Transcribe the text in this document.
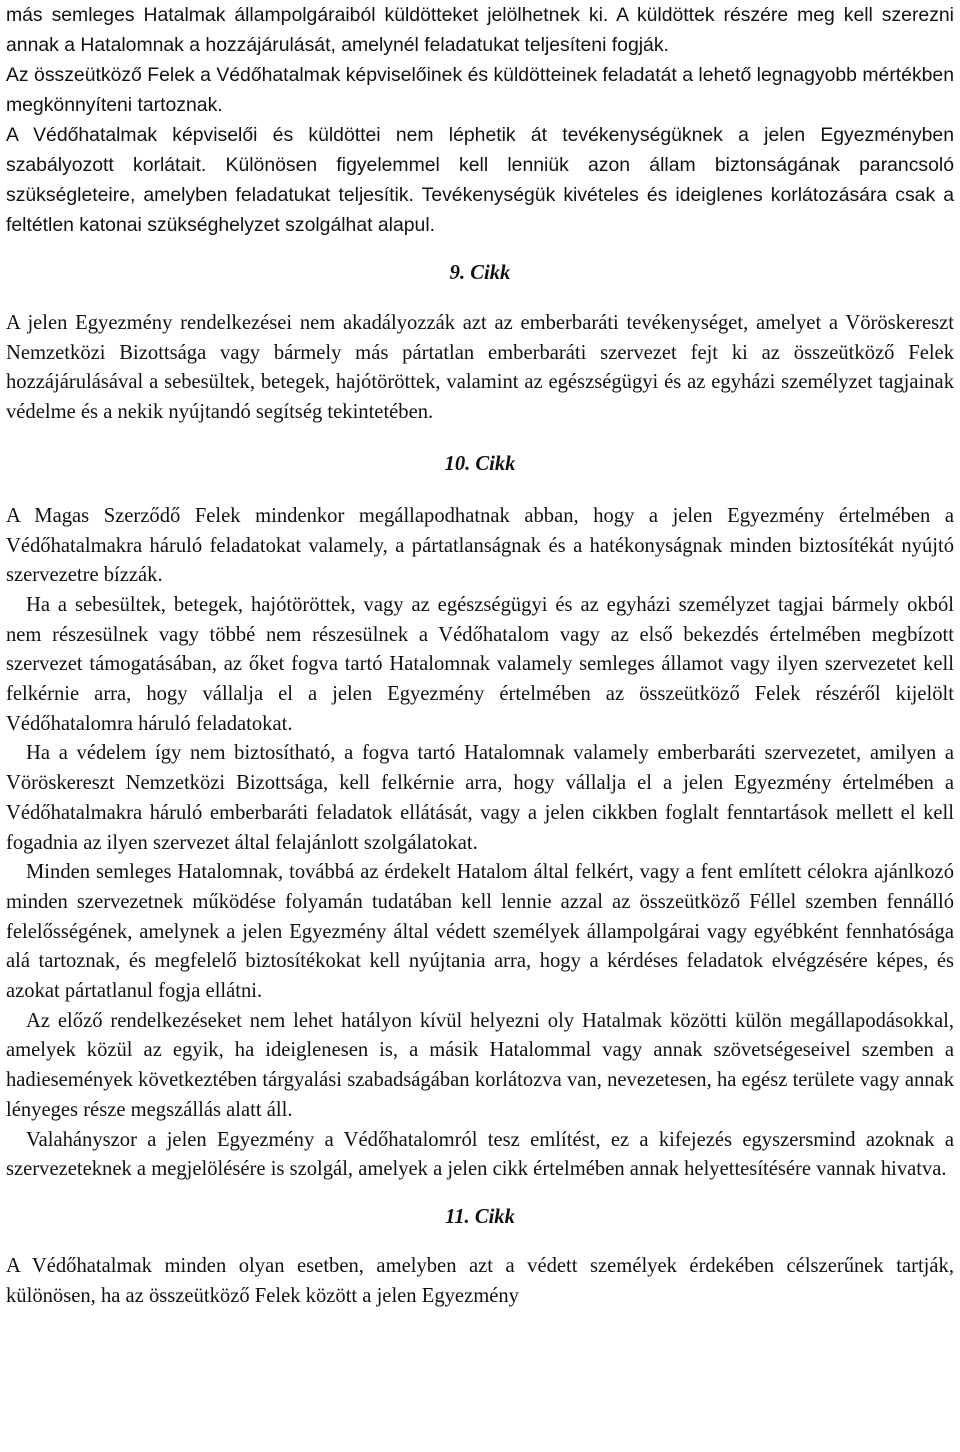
más semleges Hatalmak állampolgáraiból küldötteket jelölhetnek ki. A küldöttek részére meg kell szerezni annak a Hatalomnak a hozzájárulását, amelynél feladatukat teljesíteni fogják.

Az összeütköző Felek a Védőhatalmak képviselőinek és küldötteinek feladatát a lehető legnagyobb mértékben megkönnyíteni tartoznak.

A Védőhatalmak képviselői és küldöttei nem léphetik át tevékenységüknek a jelen Egyezményben szabályozott korlátait. Különösen figyelemmel kell lenniük azon állam biztonságának parancsoló szükségleteire, amelyben feladatukat teljesítik. Tevékenységük kivételes és ideiglenes korlátozására csak a feltétlen katonai szükséghelyzet szolgálhat alapul.

9. Cikk

A jelen Egyezmény rendelkezései nem akadályozzák azt az emberbaráti tevékenységet, amelyet a Vöröskereszt Nemzetközi Bizottsága vagy bármely más pártatlan emberbaráti szervezet fejt ki az összeütköző Felek hozzájárulásával a sebesültek, betegek, hajótöröttek, valamint az egészségügyi és az egyházi személyzet tagjainak védelme és a nekik nyújtandó segítség tekintetében.

10. Cikk

A Magas Szerződő Felek mindenkor megállapodhatnak abban, hogy a jelen Egyezmény értelmében a Védőhatalmakra háruló feladatokat valamely, a pártatlanságnak és a hatékonyságnak minden biztosítékát nyújtó szervezetre bízzák.

Ha a sebesültek, betegek, hajótöröttek, vagy az egészségügyi és az egyházi személyzet tagjai bármely okból nem részesülnek vagy többé nem részesülnek a Védőhatalom vagy az első bekezdés értelmében megbízott szervezet támogatásában, az őket fogva tartó Hatalomnak valamely semleges államot vagy ilyen szervezetet kell felkérnie arra, hogy vállalja el a jelen Egyezmény értelmében az összeütköző Felek részéről kijelölt Védőhatalomra háruló feladatokat.

Ha a védelem így nem biztosítható, a fogva tartó Hatalomnak valamely emberbaráti szervezetet, amilyen a Vöröskereszt Nemzetközi Bizottsága, kell felkérnie arra, hogy vállalja el a jelen Egyezmény értelmében a Védőhatalmakra háruló emberbaráti feladatok ellátását, vagy a jelen cikkben foglalt fenntartások mellett el kell fogadnia az ilyen szervezet által felajánlott szolgálatokat.

Minden semleges Hatalomnak, továbbá az érdekelt Hatalom által felkért, vagy a fent említett célokra ajánlkozó minden szervezetnek működése folyamán tudatában kell lennie azzal az összeütköző Féllel szemben fennálló felelősségének, amelynek a jelen Egyezmény által védett személyek állampolgárai vagy egyébként fennhatósága alá tartoznak, és megfelelő biztosítékokat kell nyújtania arra, hogy a kérdéses feladatok elvégzésére képes, és azokat pártatlanul fogja ellátni.

Az előző rendelkezéseket nem lehet hatályon kívül helyezni oly Hatalmak közötti külön megállapodásokkal, amelyek közül az egyik, ha ideiglenesen is, a másik Hatalommal vagy annak szövetségeseivel szemben a hadiesemények következtében tárgyalási szabadságában korlátozva van, nevezetesen, ha egész területe vagy annak lényeges része megszállás alatt áll.

Valahányszor a jelen Egyezmény a Védőhatalomról tesz említést, ez a kifejezés egyszersmind azoknak a szervezeteknek a megjelölésére is szolgál, amelyek a jelen cikk értelmében annak helyettesítésére vannak hivatva.

11. Cikk

A Védőhatalmak minden olyan esetben, amelyben azt a védett személyek érdekében célszerűnek tartják, különösen, ha az összeütköző Felek között a jelen Egyezmény
